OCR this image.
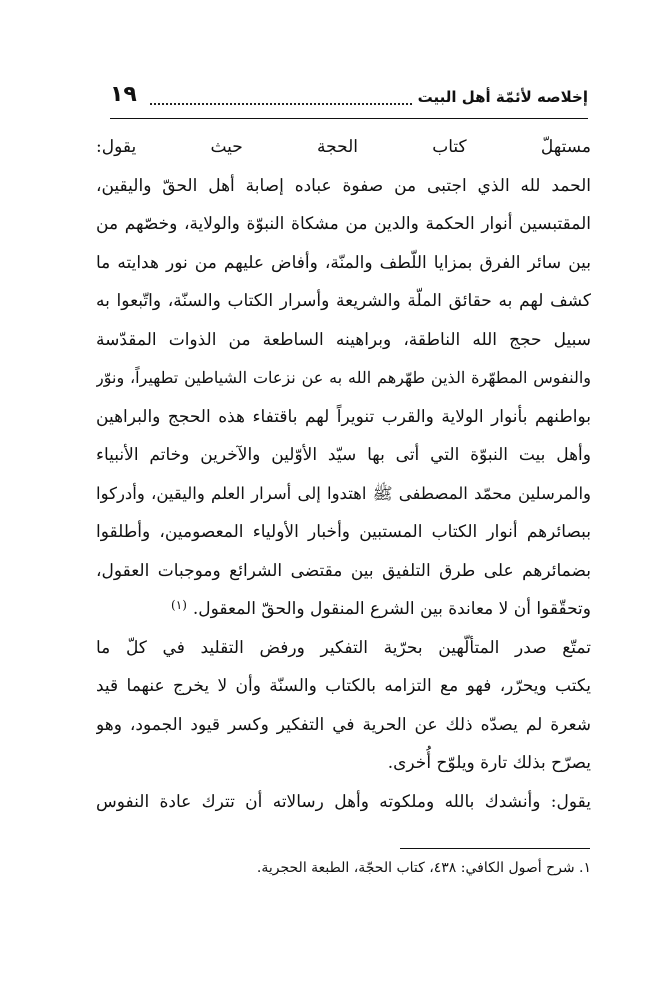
إخلاصه لأئمّة أهل البيت
١٩
مستهلّ كتاب الحجة حيث يقول:
الحمد لله الذي اجتبى من صفوة عباده إصابة أهل الحقّ واليقين،
المقتبسين أنوار الحكمة والدين من مشكاة النبوّة والولاية، وخصّهم من
بين سائر الفرق بمزايا اللّطف والمنّة، وأفاض عليهم من نور هدايته ما
كشف لهم به حقائق الملّة والشريعة وأسرار الكتاب والسنّة، واتّبعوا به
سبيل حجج الله الناطقة، وبراهينه الساطعة من الذوات المقدّسة
والنفوس المطهّرة الذين طهّرهم الله به عن نزعات الشياطين تطهيراً، ونوّر
بواطنهم بأنوار الولاية والقرب تنويراً لهم باقتفاء هذه الحجج والبراهين
وأهل بيت النبوّة التي أتى بها سيّد الأوّلين والآخرين وخاتم الأنبياء
والمرسلين محمّد المصطفى ﷺ اهتدوا إلى أسرار العلم واليقين، وأدركوا
ببصائرهم أنوار الكتاب المستبين وأخبار الأولياء المعصومين، وأطلقوا
بضمائرهم على طرق التلفيق بين مقتضى الشرائع وموجبات العقول،
وتحقّقوا أن لا معاندة بين الشرع المنقول والحقّ المعقول.$^{(١)}$
تمتّع صدر المتألّهين بحرّية التفكير ورفض التقليد في كلّ ما
يكتب ويحرّر، فهو مع التزامه بالكتاب والسنّة وأن لا يخرج عنهما قيد
شعرة لم يصدّه ذلك عن الحرية في التفكير وكسر قيود الجمود، وهو
يصرّح بذلك تارة ويلوّح أُخرى.
يقول: وأنشدك بالله وملكوته وأهل رسالاته أن تترك عادة النفوس
١. شرح أصول الكافي: ٤٣٨، كتاب الحجّة، الطبعة الحجرية.
